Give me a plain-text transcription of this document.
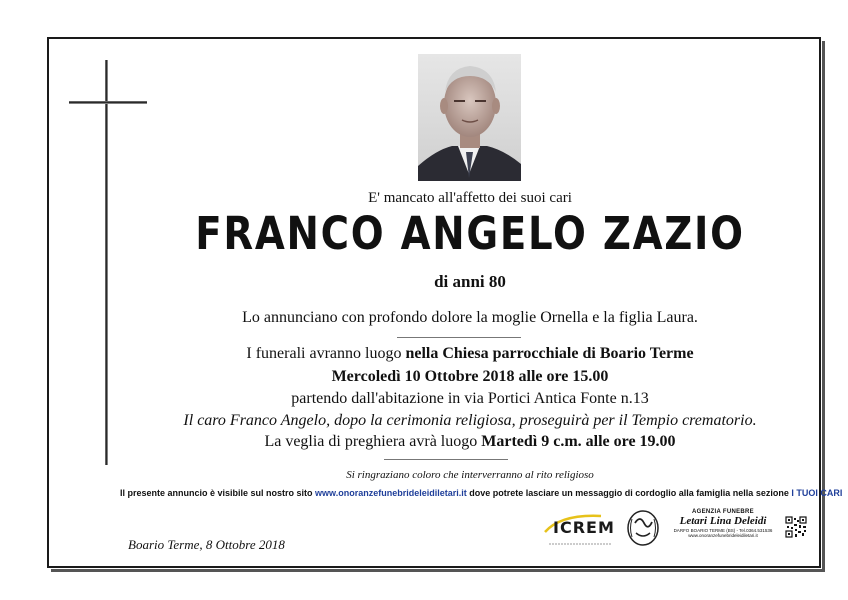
E' mancato all'affetto dei suoi cari
FRANCO ANGELO ZAZIO
di anni 80
Lo annunciano con profondo dolore la moglie Ornella e la figlia Laura.
I funerali avranno luogo nella Chiesa parrocchiale di Boario Terme
Mercoledì 10 Ottobre 2018 alle ore 15.00
partendo dall'abitazione in via Portici Antica Fonte n.13
Il caro Franco Angelo, dopo la cerimonia religiosa, proseguirà per il Tempio crematorio.
La veglia di preghiera avrà luogo Martedì 9 c.m. alle ore 19.00
Si ringraziano coloro che interverranno al rito religioso
Il presente annuncio è visibile sul nostro sito www.onoranzefunebrideleidiletari.it dove potrete lasciare un messaggio di cordoglio alla famiglia nella sezione I TUOI CARI
Boario Terme, 8 Ottobre 2018
ICREM
AGENZIA FUNEBRE
Letari Lina Deleidi
DARFO BOARIO TERME (BS) - Tel.0364.531536
www.onoranzefunebrideleidiletari.it
